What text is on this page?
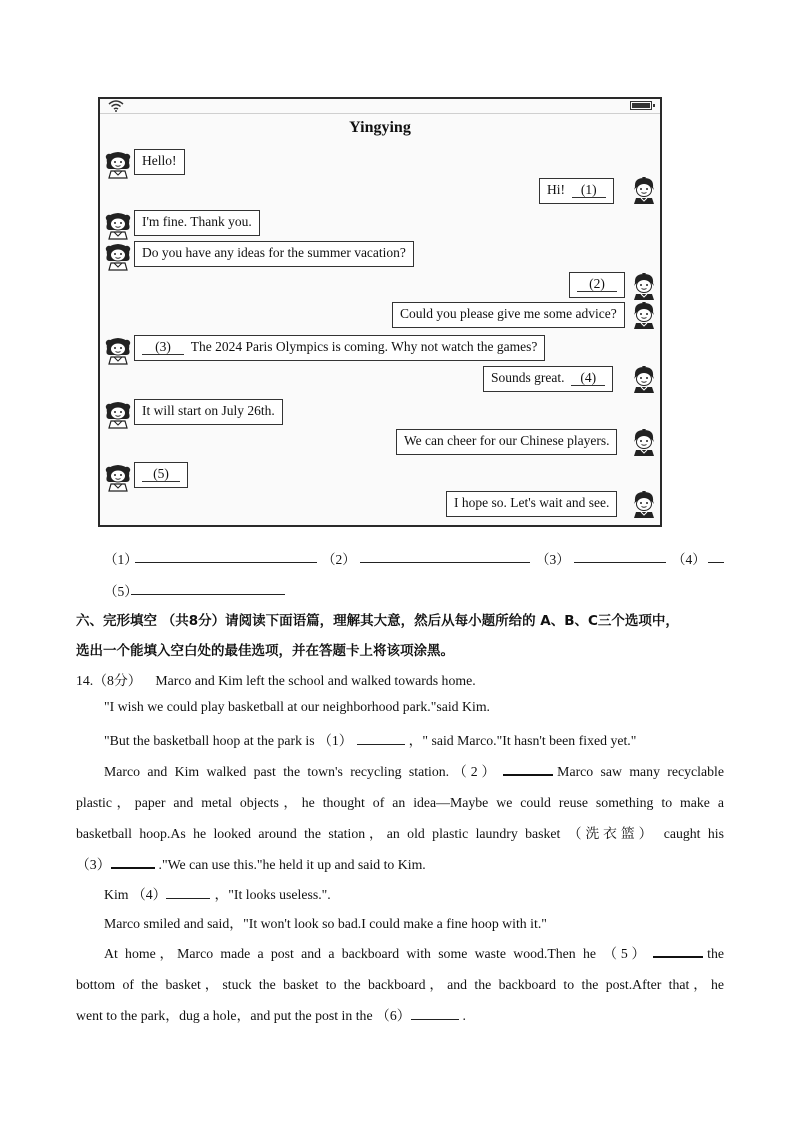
Yingying
Hello!
Hi! (1)
I'm fine. Thank you.
Do you have any ideas for the summer vacation?
(2)
Could you please give me some advice?
(3) The 2024 Paris Olympics is coming. Why not watch the games?
Sounds great. (4)
It will start on July 26th.
We can cheer for our Chinese players.
(5)
I hope so. Let's wait and see.
（1）	（2）	（3）	（4）
（5）
六、完形填空 （共8分）请阅读下面语篇，理解其大意，然后从每小题所给的 A、B、C三个选项中，
选出一个能填入空白处的最佳选项，并在答题卡上将该项涂黑。
14.（8分） Marco and Kim left the school and walked towards home.
"I wish we could play basketball at our neighborhood park."said Kim.
"But the basketball hoop at the park is （1）	，" said Marco."It hasn't been fixed yet."
Marco and Kim walked past the town's recycling station.（2）	Marco saw many recyclable
plastic，paper and metal objects，he thought of an idea—Maybe we could reuse something to make a
basketball hoop.As he looked around the station，an old plastic laundry basket （洗衣篮） caught his
（3）	."We can use this."he held it up and said to Kim.
Kim （4）	，"It looks useless.".
Marco smiled and said，"It won't look so bad.I could make a fine hoop with it."
At home，Marco made a post and a backboard with some waste wood.Then he （5）	the
bottom of the basket，stuck the basket to the backboard，and the backboard to the post.After that，he
went to the park，dug a hole，and put the post in the （6）	.
